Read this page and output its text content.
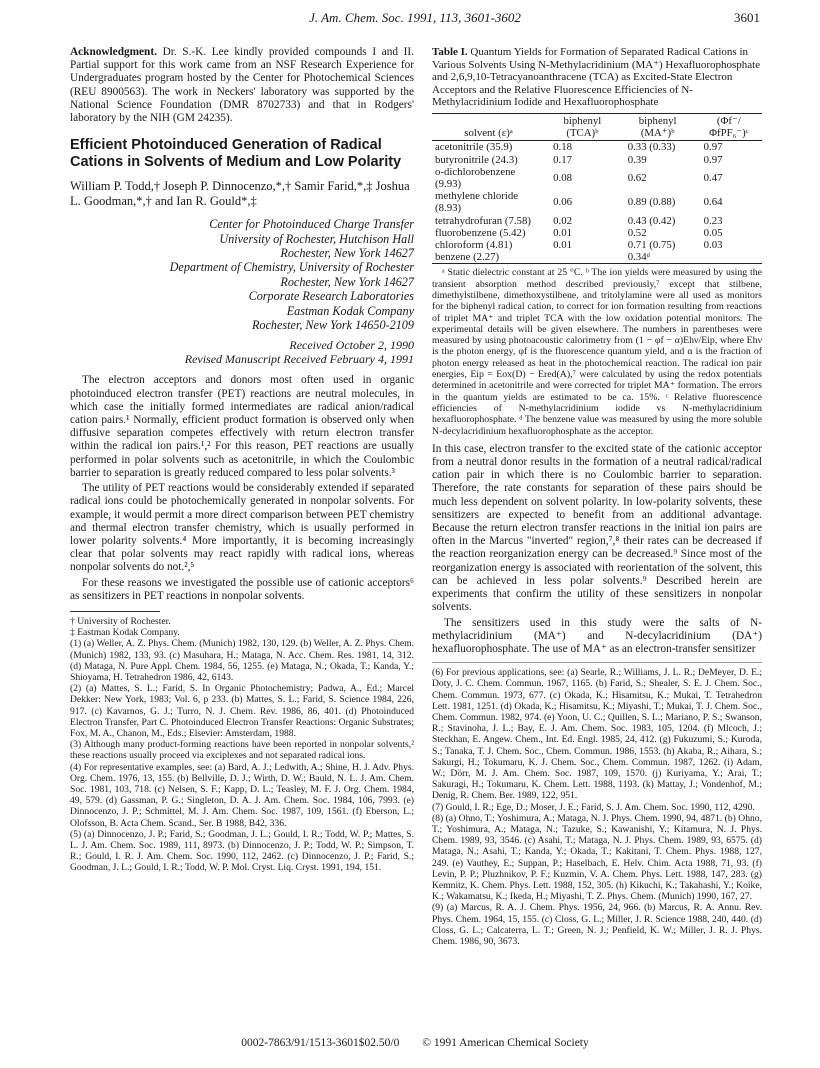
J. Am. Chem. Soc. 1991, 113, 3601-3602	3601

Acknowledgment. Dr. S.-K. Lee kindly provided compounds I and II. Partial support for this work came from an NSF Research Experience for Undergraduates program hosted by the Center for Photochemical Sciences (REU 8900563). The work in Neckers' laboratory was supported by the National Science Foundation (DMR 8702733) and that in Rodgers' laboratory by the NIH (GM 24235).

Efficient Photoinduced Generation of Radical Cations in Solvents of Medium and Low Polarity
William P. Todd,† Joseph P. Dinnocenzo,*,† Samir Farid,*,‡ Joshua L. Goodman,*,† and Ian R. Gould*,‡
Center for Photoinduced Charge Transfer
University of Rochester, Hutchison Hall
Rochester, New York 14627
Department of Chemistry, University of Rochester
Rochester, New York 14627
Corporate Research Laboratories
Eastman Kodak Company
Rochester, New York 14650-2109
Received October 2, 1990
Revised Manuscript Received February 4, 1991

The electron acceptors and donors most often used in organic photoinduced electron transfer (PET) reactions are neutral molecules, in which case the initially formed intermediates are radical anion/radical cation pairs.¹ Normally, efficient product formation is observed only when diffusive separation competes effectively with return electron transfer within the radical ion pairs.¹,² For this reason, PET reactions are usually performed in polar solvents such as acetonitrile, in which the Coulombic barrier to separation is greatly reduced compared to less polar solvents.³

The utility of PET reactions would be considerably extended if separated radical ions could be photochemically generated in nonpolar solvents. For example, it would permit a more direct comparison between PET chemistry and thermal electron transfer chemistry, which is usually performed in lower polarity solvents.⁴ More importantly, it is becoming increasingly clear that polar solvents may react rapidly with radical ions, whereas nonpolar solvents do not.²,⁵

For these reasons we investigated the possible use of cationic acceptors⁶ as sensitizers in PET reactions in nonpolar solvents.

† University of Rochester.
‡ Eastman Kodak Company.
(1) (a) Weller, A. Z. Phys. Chem. (Munich) 1982, 130, 129. (b) Weller, A. Z. Phys. Chem. (Munich) 1982, 133, 93. (c) Masuhara, H.; Mataga, N. Acc. Chem. Res. 1981, 14, 312. (d) Mataga, N. Pure Appl. Chem. 1984, 56, 1255. (e) Mataga, N.; Okada, T.; Kanda, Y.; Shioyama, H. Tetrahedron 1986, 42, 6143.
(2) (a) Mattes, S. L.; Farid, S. In Organic Photochemistry; Padwa, A., Ed.; Marcel Dekker: New York, 1983; Vol. 6, p 233. (b) Mattes, S. L.; Farid, S. Science 1984, 226, 917. (c) Kavarnos, G. J.; Turro, N. J. Chem. Rev. 1986, 86, 401. (d) Photoinduced Electron Transfer, Part C. Photoinduced Electron Transfer Reactions: Organic Substrates; Fox, M. A., Chanon, M., Eds.; Elsevier: Amsterdam, 1988.
(3) Although many product-forming reactions have been reported in nonpolar solvents,² these reactions usually proceed via exciplexes and not separated radical ions.
(4) For representative examples, see: (a) Bard, A. J.; Ledwith, A.; Shine, H. J. Adv. Phys. Org. Chem. 1976, 13, 155. (b) Bellville, D. J.; Wirth, D. W.; Bauld, N. L. J. Am. Chem. Soc. 1981, 103, 718. (c) Nelsen, S. F.; Kapp, D. L.; Teasley, M. F. J. Org. Chem. 1984, 49, 579. (d) Gassman, P. G.; Singleton, D. A. J. Am. Chem. Soc. 1984, 106, 7993. (e) Dinnocenzo, J. P.; Schmittel, M. J. Am. Chem. Soc. 1987, 109, 1561. (f) Eberson, L.; Olofsson, B. Acta Chem. Scand., Ser. B 1988, B42, 336.
(5) (a) Dinnocenzo, J. P.; Farid, S.; Goodman, J. L.; Gould, I. R.; Todd, W. P.; Mattes, S. L. J. Am. Chem. Soc. 1989, 111, 8973. (b) Dinnocenzo, J. P.; Todd, W. P.; Simpson, T. R.; Gould, I. R. J. Am. Chem. Soc. 1990, 112, 2462. (c) Dinnocenzo, J. P.; Farid, S.; Goodman, J. L.; Gould, I. R.; Todd, W. P. Mol. Cryst. Liq. Cryst. 1991, 194, 151.
Table I. Quantum Yields for Formation of Separated Radical Cations in Various Solvents Using N-Methylacridinium (MA⁺) Hexafluorophosphate and 2,6,9,10-Tetracyanoanthracene (TCA) as Excited-State Electron Acceptors and the Relative Fluorescence Efficiencies of N-Methylacridinium Iodide and Hexafluorophosphate
solvent (ε)ᵃ	biphenyl (TCA)ᵇ	biphenyl (MA⁺)ᵇ	(Φf⁻/ΦfPF₆⁻)ᶜ
acetonitrile (35.9)	0.18	0.33 (0.33)	0.97
butyronitrile (24.3)	0.17	0.39	0.97
o-dichlorobenzene (9.93)	0.08	0.62	0.47
methylene chloride (8.93)	0.06	0.89 (0.88)	0.64
tetrahydrofuran (7.58)	0.02	0.43 (0.42)	0.23
fluorobenzene (5.42)	0.01	0.52	0.05
chloroform (4.81)	0.01	0.71 (0.75)	0.03
benzene (2.27)		0.34ᵈ	
ᵃ Static dielectric constant at 25 °C. ᵇ The ion yields were measured by using the transient absorption method described previously,⁷ except that stilbene, dimethylstilbene, dimethoxystilbene, and tritolylamine were all used as monitors for the biphenyl radical cation, to correct for ion formation resulting from reactions of triplet MA⁺ and triplet TCA with the low oxidation potential monitors. The experimental details will be given elsewhere. The numbers in parentheses were measured by using photoacoustic calorimetry from (1 − φf − α)Ehν/Eip, where Ehν is the photon energy, φf is the fluorescence quantum yield, and α is the fraction of photon energy released as heat in the photochemical reaction. The radical ion pair energies, Eip = Eox(D) − Ered(A),⁷ were calculated by using the redox potentials determined in acetonitrile and were corrected for triplet MA⁺ formation. The errors in the quantum yields are estimated to be ca. 15%. ᶜ Relative fluorescence efficiencies of N-methylacridinium iodide vs N-methylacridinium hexafluorophosphate. ᵈ The benzene value was measured by using the more soluble N-decylacridinium hexafluorophosphate as the acceptor.

In this case, electron transfer to the excited state of the cationic acceptor from a neutral donor results in the formation of a neutral radical/radical cation pair in which there is no Coulombic barrier to separation. Therefore, the rate constants for separation of these pairs should be much less dependent on solvent polarity. In low-polarity solvents, these sensitizers are expected to benefit from an additional advantage. Because the return electron transfer reactions in the initial ion pairs are often in the Marcus "inverted" region,⁷,⁸ their rates can be decreased if the reaction reorganization energy can be decreased.⁹ Since most of the reorganization energy is associated with reorientation of the solvent, this can be achieved in less polar solvents.⁹ Described herein are experiments that confirm the utility of these sensitizers in nonpolar solvents.

The sensitizers used in this study were the salts of N-methylacridinium (MA⁺) and N-decylacridinium (DA⁺) hexafluorophosphate. The use of MA⁺ as an electron-transfer sensitizer

(6) For previous applications, see: (a) Searle, R.; Williams, J. L. R.; DeMeyer, D. E.; Doty, J. C. Chem. Commun. 1967, 1165. (b) Farid, S.; Shealer, S. E. J. Chem. Soc., Chem. Commun. 1973, 677. (c) Okada, K.; Hisamitsu, K.; Mukai, T. Tetrahedron Lett. 1981, 1251. (d) Okada, K.; Hisamitsu, K.; Miyashi, T.; Mukai, T. J. Chem. Soc., Chem. Commun. 1982, 974. (e) Yoon, U. C.; Quillen, S. L.; Mariano, P. S.; Swanson, R.; Stavinoha, J. L.; Bay, E. J. Am. Chem. Soc. 1983, 105, 1204. (f) Mlcoch, J.; Steckhan, E. Angew. Chem., Int. Ed. Engl. 1985, 24, 412. (g) Fukuzumi, S.; Kuroda, S.; Tanaka, T. J. Chem. Soc., Chem. Commun. 1986, 1553. (h) Akaba, R.; Aihara, S.; Sakurgi, H.; Tokumaru, K. J. Chem. Soc., Chem. Commun. 1987, 1262. (i) Adam, W.; Dörr, M. J. Am. Chem. Soc. 1987, 109, 1570. (j) Kuriyama, Y.; Arai, T.; Sakuragi, H.; Tokumaru, K. Chem. Lett. 1988, 1193. (k) Mattay, J.; Vondenhof, M.; Denig, R. Chem. Ber. 1989, 122, 951.
(7) Gould, I. R.; Ege, D.; Moser, J. E.; Farid, S. J. Am. Chem. Soc. 1990, 112, 4290.
(8) (a) Ohno, T.; Yoshimura, A.; Mataga, N. J. Phys. Chem. 1990, 94, 4871. (b) Ohno, T.; Yoshimura, A.; Mataga, N.; Tazuke, S.; Kawanishi, Y.; Kitamura, N. J. Phys. Chem. 1989, 93, 3546. (c) Asahi, T.; Mataga, N. J. Phys. Chem. 1989, 93, 6575. (d) Mataga, N.; Asahi, T.; Kanda, Y.; Okada, T.; Kakitani, T. Chem. Phys. 1988, 127, 249. (e) Vauthey, E.; Suppan, P.; Haselbach, E. Helv. Chim. Acta 1988, 71, 93. (f) Levin, P. P.; Pluzhnikov, P. F.; Kuzmin, V. A. Chem. Phys. Lett. 1988, 147, 283. (g) Kemnitz, K. Chem. Phys. Lett. 1988, 152, 305. (h) Kikuchi, K.; Takahashi, Y.; Koike, K.; Wakamatsu, K.; Ikeda, H.; Miyashi, T. Z. Phys. Chem. (Munich) 1990, 167, 27.
(9) (a) Marcus, R. A. J. Chem. Phys. 1956, 24, 966. (b) Marcus, R. A. Annu. Rev. Phys. Chem. 1964, 15, 155. (c) Closs, G. L.; Miller, J. R. Science 1988, 240, 440. (d) Closs, G. L.; Calcaterra, L. T.; Green, N. J.; Penfield, K. W.; Miller, J. R. J. Phys. Chem. 1986, 90, 3673.
0002-7863/91/1513-3601$02.50/0 © 1991 American Chemical Society
